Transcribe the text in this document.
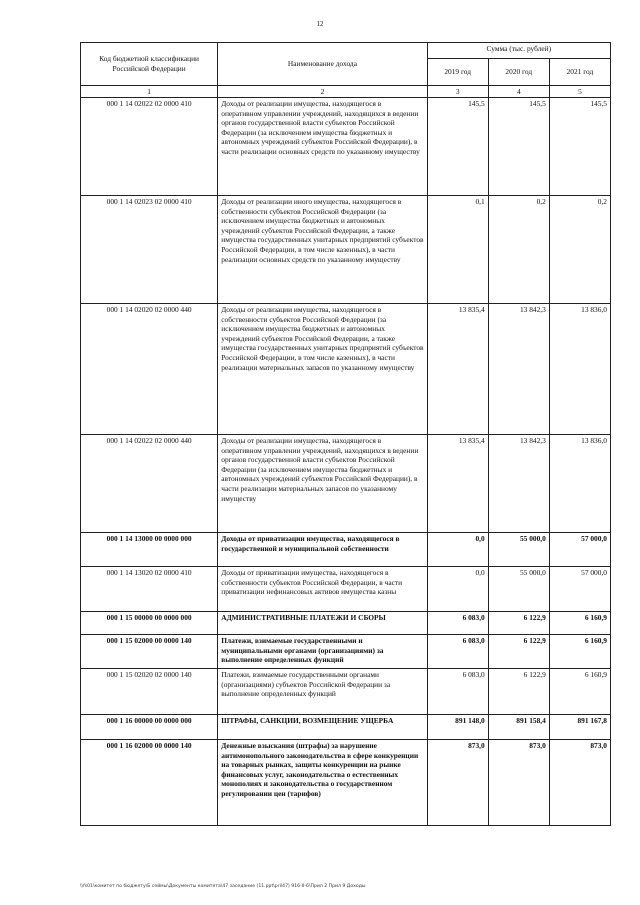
12
Код бюджетной классификации Российской Федерации	Наименование дохода	Сумма (тыс. рублей)		
		2019 год	2020 год	2021 год
1	2	3	4	5
000 1 14 02022 02 0000 410	Доходы от реализации имущества, находящегося в оперативном управлении учреждений, находящихся в ведении органов государственной власти субъектов Российской Федерации (за исключением имущества бюджетных и автономных учреждений субъектов Российской Федерации), в части реализации основных средств по указанному имуществу	145,5	145,5	145,5
000 1 14 02023 02 0000 410	Доходы от реализации иного имущества, находящегося в собственности субъектов Российской Федерации (за исключением имущества бюджетных и автономных учреждений субъектов Российской Федерации, а также имущества государственных унитарных предприятий субъектов Российской Федерации, в том числе казенных), в части реализации основных средств по указанному имуществу	0,1	0,2	0,2
000 1 14 02020 02 0000 440	Доходы от реализации имущества, находящегося в собственности субъектов Российской Федерации (за исключением имущества бюджетных и автономных учреждений субъектов Российской Федерации, а также имущества государственных унитарных предприятий субъектов Российской Федерации, в том числе казенных), в части реализации материальных запасов по указанному имуществу	13 835,4	13 842,3	13 836,0
000 1 14 02022 02 0000 440	Доходы от реализации имущества, находящегося в оперативном управлении учреждений, находящихся в ведении органов государственной власти субъектов Российской Федерации (за исключением имущества бюджетных и автономных учреждений субъектов Российской Федерации), в части реализации материальных запасов по указанному имуществу	13 835,4	13 842,3	13 836,0
000 1 14 13000 00 0000 000	Доходы от приватизации имущества, находящегося в государственной и муниципальной собственности	0,0	55 000,0	57 000,0
000 1 14 13020 02 0000 410	Доходы от приватизации имущества, находящегося в собственности субъектов Российской Федерации, в части приватизации нефинансовых активов имущества казны	0,0	55 000,0	57 000,0
000 1 15 00000 00 0000 000	АДМИНИСТРАТИВНЫЕ ПЛАТЕЖИ И СБОРЫ	6 083,0	6 122,9	6 160,9
000 1 15 02000 00 0000 140	Платежи, взимаемые государственными и муниципальными органами (организациями) за выполнение определенных функций	6 083,0	6 122,9	6 160,9
000 1 15 02020 02 0000 140	Платежи, взимаемые государственными органами (организациями) субъектов Российской Федерации за выполнение определенных функций	6 083,0	6 122,9	6 160,9
000 1 16 00000 00 0000 000	ШТРАФЫ, САНКЦИИ, ВОЗМЕЩЕНИЕ УЩЕРБА	891 148,0	891 158,4	891 167,8
000 1 16 02000 00 0000 140	Денежные взыскания (штрафы) за нарушение антимонопольного законодательства в сфере конкуренции на товарных рынках, защиты конкуренции на рынке финансовых услуг, законодательства о естественных монополиях и законодательства о государственном регулировании цен (тарифов)	873,0	873,0	873,0
\\fs01\комитет по бюджету\Б сеймы\Документы комитета\47 заседание (11.ppt\pril47) 916-II-6\Прил 2 Прил 9 Доходы
